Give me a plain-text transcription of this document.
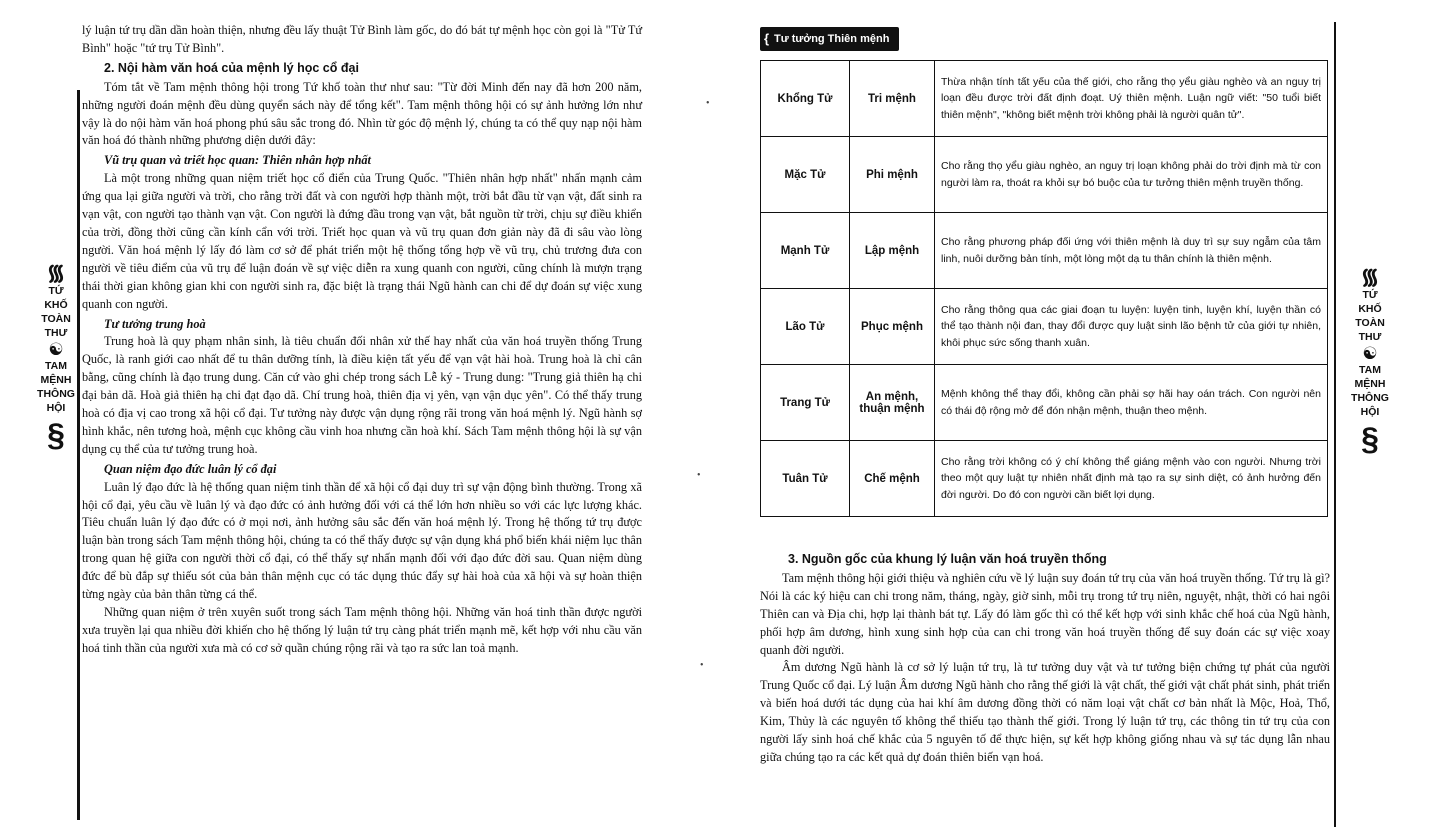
᯾
TỨ
KHỐ
TOÀN
THƯ
☯
TAM
MỆNH
THÔNG
HỘI
§

lý luận tứ trụ dần dần hoàn thiện, nhưng đều lấy thuật Tử Bình làm gốc, do đó bát tự mệnh học còn gọi là "Tử Tứ Bình" hoặc "tứ trụ Tử Bình".

2. Nội hàm văn hoá của mệnh lý học cổ đại

Tóm tắt về Tam mệnh thông hội trong Tứ khố toàn thư như sau: "Từ đời Minh đến nay đã hơn 200 năm, những người đoán mệnh đều dùng quyển sách này để tổng kết". Tam mệnh thông hội có sự ảnh hưởng lớn như vậy là do nội hàm văn hoá phong phú sâu sắc trong đó. Nhìn từ góc độ mệnh lý, chúng ta có thể quy nạp nội hàm văn hoá đó thành những phương diện dưới đây:

Vũ trụ quan và triết học quan: Thiên nhân hợp nhất

Là một trong những quan niệm triết học cổ điển của Trung Quốc. "Thiên nhân hợp nhất" nhấn mạnh cảm ứng qua lại giữa người và trời, cho rằng trời đất và con người hợp thành một, trời bắt đầu từ vạn vật, đất sinh ra vạn vật, con người tạo thành vạn vật. Con người là đứng đầu trong vạn vật, bắt nguồn từ trời, chịu sự điều khiển của trời, đồng thời cũng cần kính cẩn với trời. Triết học quan và vũ trụ quan đơn giản này đã đi sâu vào lòng người. Văn hoá mệnh lý lấy đó làm cơ sở để phát triển một hệ thống tổng hợp về vũ trụ, chủ trương đưa con người về tiêu điểm của vũ trụ để luận đoán về sự việc diễn ra xung quanh con người, cũng chính là mượn trạng thái thời gian không gian khi con người sinh ra, đặc biệt là trạng thái Ngũ hành can chi để dự đoán sự việc xung quanh con người.

Tư tưởng trung hoà

Trung hoà là quy phạm nhân sinh, là tiêu chuẩn đối nhân xử thế hay nhất của văn hoá truyền thống Trung Quốc, là ranh giới cao nhất để tu thân dưỡng tính, là điều kiện tất yếu để vạn vật hài hoà. Trung hoà là chỉ cân bằng, cũng chính là đạo trung dung. Căn cứ vào ghi chép trong sách Lễ ký - Trung dung: "Trung giả thiên hạ chi đại bản dã. Hoà giả thiên hạ chi đạt đạo dã. Chí trung hoà, thiên địa vị yên, vạn vận dục yên". Có thể thấy trung hoà có địa vị cao trong xã hội cổ đại. Tư tưởng này được vận dụng rộng rãi trong văn hoá mệnh lý. Ngũ hành sợ hình khắc, nên tương hoà, mệnh cục không cầu vinh hoa nhưng cần hoà khí. Sách Tam mệnh thông hội là sự vận dụng cụ thể của tư tưởng trung hoà.

Quan niệm đạo đức luân lý cổ đại

Luân lý đạo đức là hệ thống quan niệm tinh thần để xã hội cổ đại duy trì sự vận động bình thường. Trong xã hội cổ đại, yêu cầu về luân lý và đạo đức có ảnh hưởng đối với cá thể lớn hơn nhiều so với các lực lượng khác. Tiêu chuẩn luân lý đạo đức có ở mọi nơi, ảnh hưởng sâu sắc đến văn hoá mệnh lý. Trong hệ thống tứ trụ được luận bàn trong sách Tam mệnh thông hội, chúng ta có thể thấy được sự vận dụng khá phổ biến khái niệm lục thân trong quan hệ giữa con người thời cổ đại, có thể thấy sự nhấn mạnh đối với đạo đức đời sau. Quan niệm dùng đức để bù đắp sự thiếu sót của bản thân mệnh cục có tác dụng thúc đẩy sự hài hoà của xã hội và sự hoàn thiện từng ngày của bản thân từng cá thể.

Những quan niệm ở trên xuyên suốt trong sách Tam mệnh thông hội. Những văn hoá tinh thần được người xưa truyền lại qua nhiều đời khiến cho hệ thống lý luận tứ trụ càng phát triển mạnh mẽ, kết hợp với nhu cầu văn hoá tinh thần của người xưa mà có cơ sở quần chúng rộng rãi và tạo ra sức lan toả mạnh.

•
•
•
{ Tư tưởng Thiên mệnh
Khổng Tử	Tri mệnh	Thừa nhận tính tất yếu của thế giới, cho rằng thọ yểu giàu nghèo và an nguy trị loạn đều được trời đất định đoạt. Uý thiên mệnh. Luận ngữ viết: "50 tuổi biết thiên mệnh", "không biết mệnh trời không phải là người quân tử".
Mặc Tử	Phi mệnh	Cho rằng thọ yểu giàu nghèo, an nguy trị loạn không phải do trời định mà từ con người làm ra, thoát ra khỏi sự bó buộc của tư tưởng thiên mệnh truyền thống.
Mạnh Tử	Lập mệnh	Cho rằng phương pháp đối ứng với thiên mệnh là duy trì sự suy ngẫm của tâm linh, nuôi dưỡng bản tính, một lòng một dạ tu thân chính là thiên mệnh.
Lão Tử	Phục mệnh	Cho rằng thông qua các giai đoạn tu luyện: luyện tinh, luyện khí, luyện thần có thể tạo thành nội đan, thay đổi được quy luật sinh lão bệnh tử của giới tự nhiên, khôi phục sức sống thanh xuân.
Trang Tử	An mệnh, thuận mệnh	Mệnh không thể thay đổi, không cần phải sợ hãi hay oán trách. Con người nên có thái độ rộng mở để đón nhận mệnh, thuận theo mệnh.
Tuân Tử	Chế mệnh	Cho rằng trời không có ý chí không thể giáng mệnh vào con người. Nhưng trời theo một quy luật tự nhiên nhất định mà tạo ra sự sinh diệt, có ảnh hưởng đến đời người. Do đó con người cần biết lợi dụng.
3. Nguồn gốc của khung lý luận văn hoá truyền thống

Tam mệnh thông hội giới thiệu và nghiên cứu về lý luận suy đoán tứ trụ của văn hoá truyền thống. Tứ trụ là gì? Nói là các ký hiệu can chi trong năm, tháng, ngày, giờ sinh, mỗi trụ trong tứ trụ niên, nguyệt, nhật, thời có hai ngôi Thiên can và Địa chi, hợp lại thành bát tự. Lấy đó làm gốc thì có thể kết hợp với sinh khắc chế hoá của Ngũ hành, phối hợp âm dương, hình xung sinh hợp của can chi trong văn hoá truyền thống để suy đoán các sự việc xoay quanh đời người.

Âm dương Ngũ hành là cơ sở lý luận tứ trụ, là tư tưởng duy vật và tư tưởng biện chứng tự phát của người Trung Quốc cổ đại. Lý luận Âm dương Ngũ hành cho rằng thế giới là vật chất, thế giới vật chất phát sinh, phát triển và biến hoá dưới tác dụng của hai khí âm dương đồng thời có năm loại vật chất cơ bản nhất là Mộc, Hoả, Thổ, Kim, Thủy là các nguyên tố không thể thiếu tạo thành thế giới. Trong lý luận tứ trụ, các thông tin tứ trụ của con người lấy sinh hoá chế khắc của 5 nguyên tố để thực hiện, sự kết hợp không giống nhau và sự tác dụng lẫn nhau giữa chúng tạo ra các kết quả dự đoán thiên biến vạn hoá.

᯾
TỨ
KHỐ
TOÀN
THƯ
☯
TAM
MỆNH
THÔNG
HỘI
§
